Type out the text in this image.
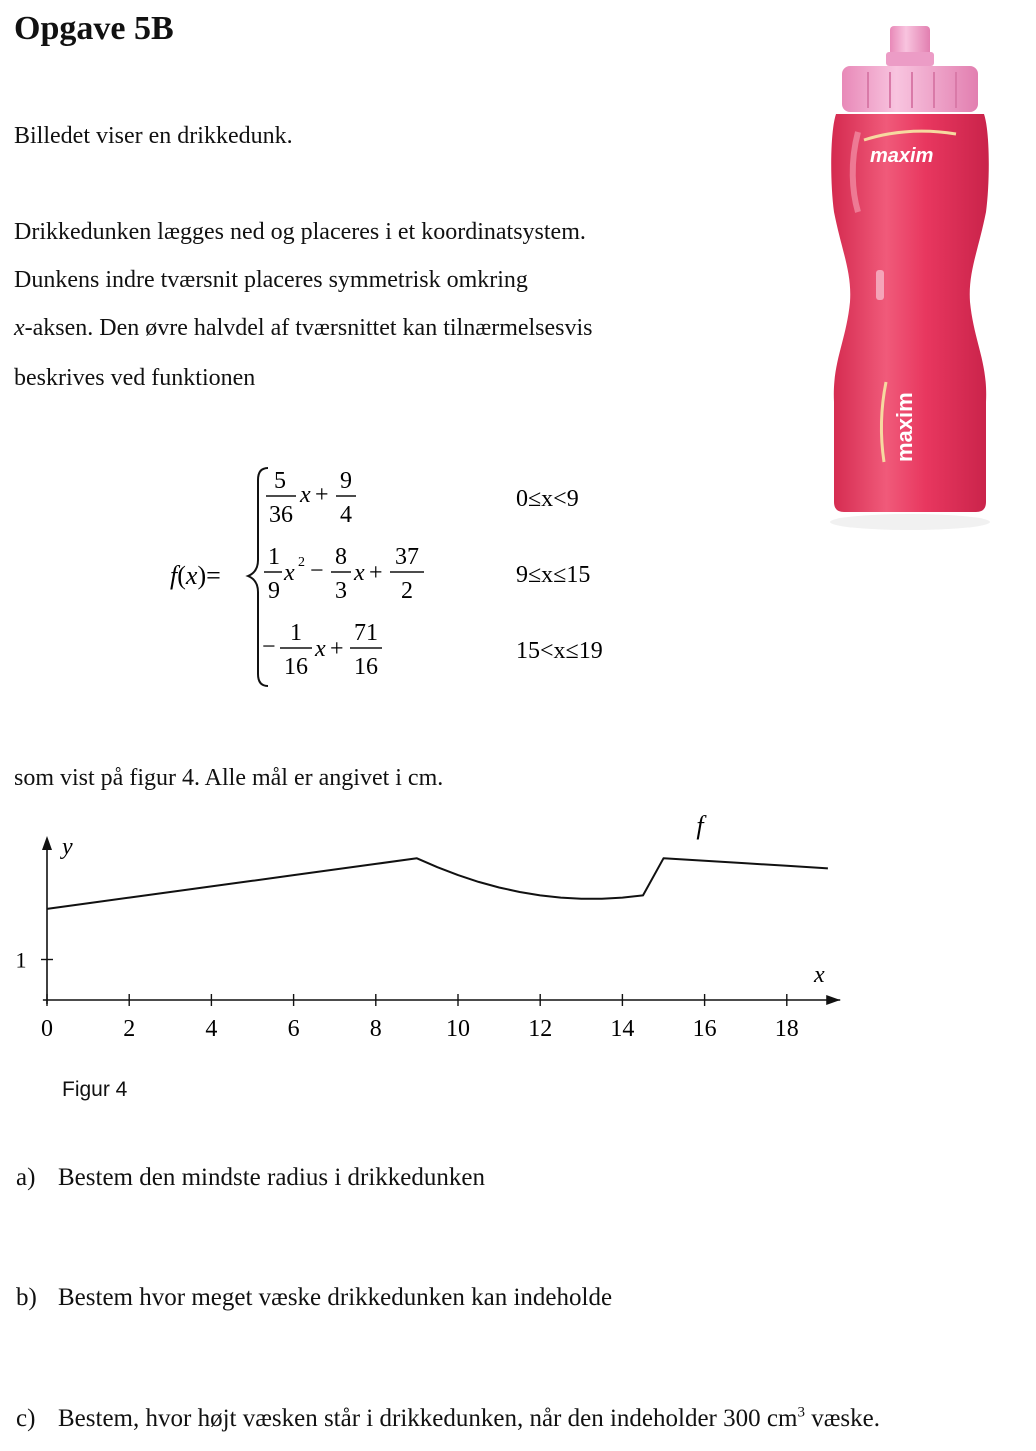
Opgave 5B
Billedet viser en drikkedunk.
Drikkedunken lægges ned og placeres i et koordinatsystem.
Dunkens indre tværsnit placeres symmetrisk omkring
x-aksen. Den øvre halvdel af tværsnittet kan tilnærmelsesvis
beskrives ved funktionen
maxim
maxim
f(x)=
5
36
x +
9
4
0≤x<9
1
9
x 2 −
8
3
x +
37
2
9≤x≤15
−
1
16
x +
71
16
15<x≤19
som vist på figur 4. Alle mål er angivet i cm.
x
y
0	2	4	6	8	10 12 14 16 18
1
f
Figur 4
a) Bestem den mindste radius i drikkedunken
b) Bestem hvor meget væske drikkedunken kan indeholde
c) Bestem, hvor højt væsken står i drikkedunken, når den indeholder 300 $cm^3$ væske.
